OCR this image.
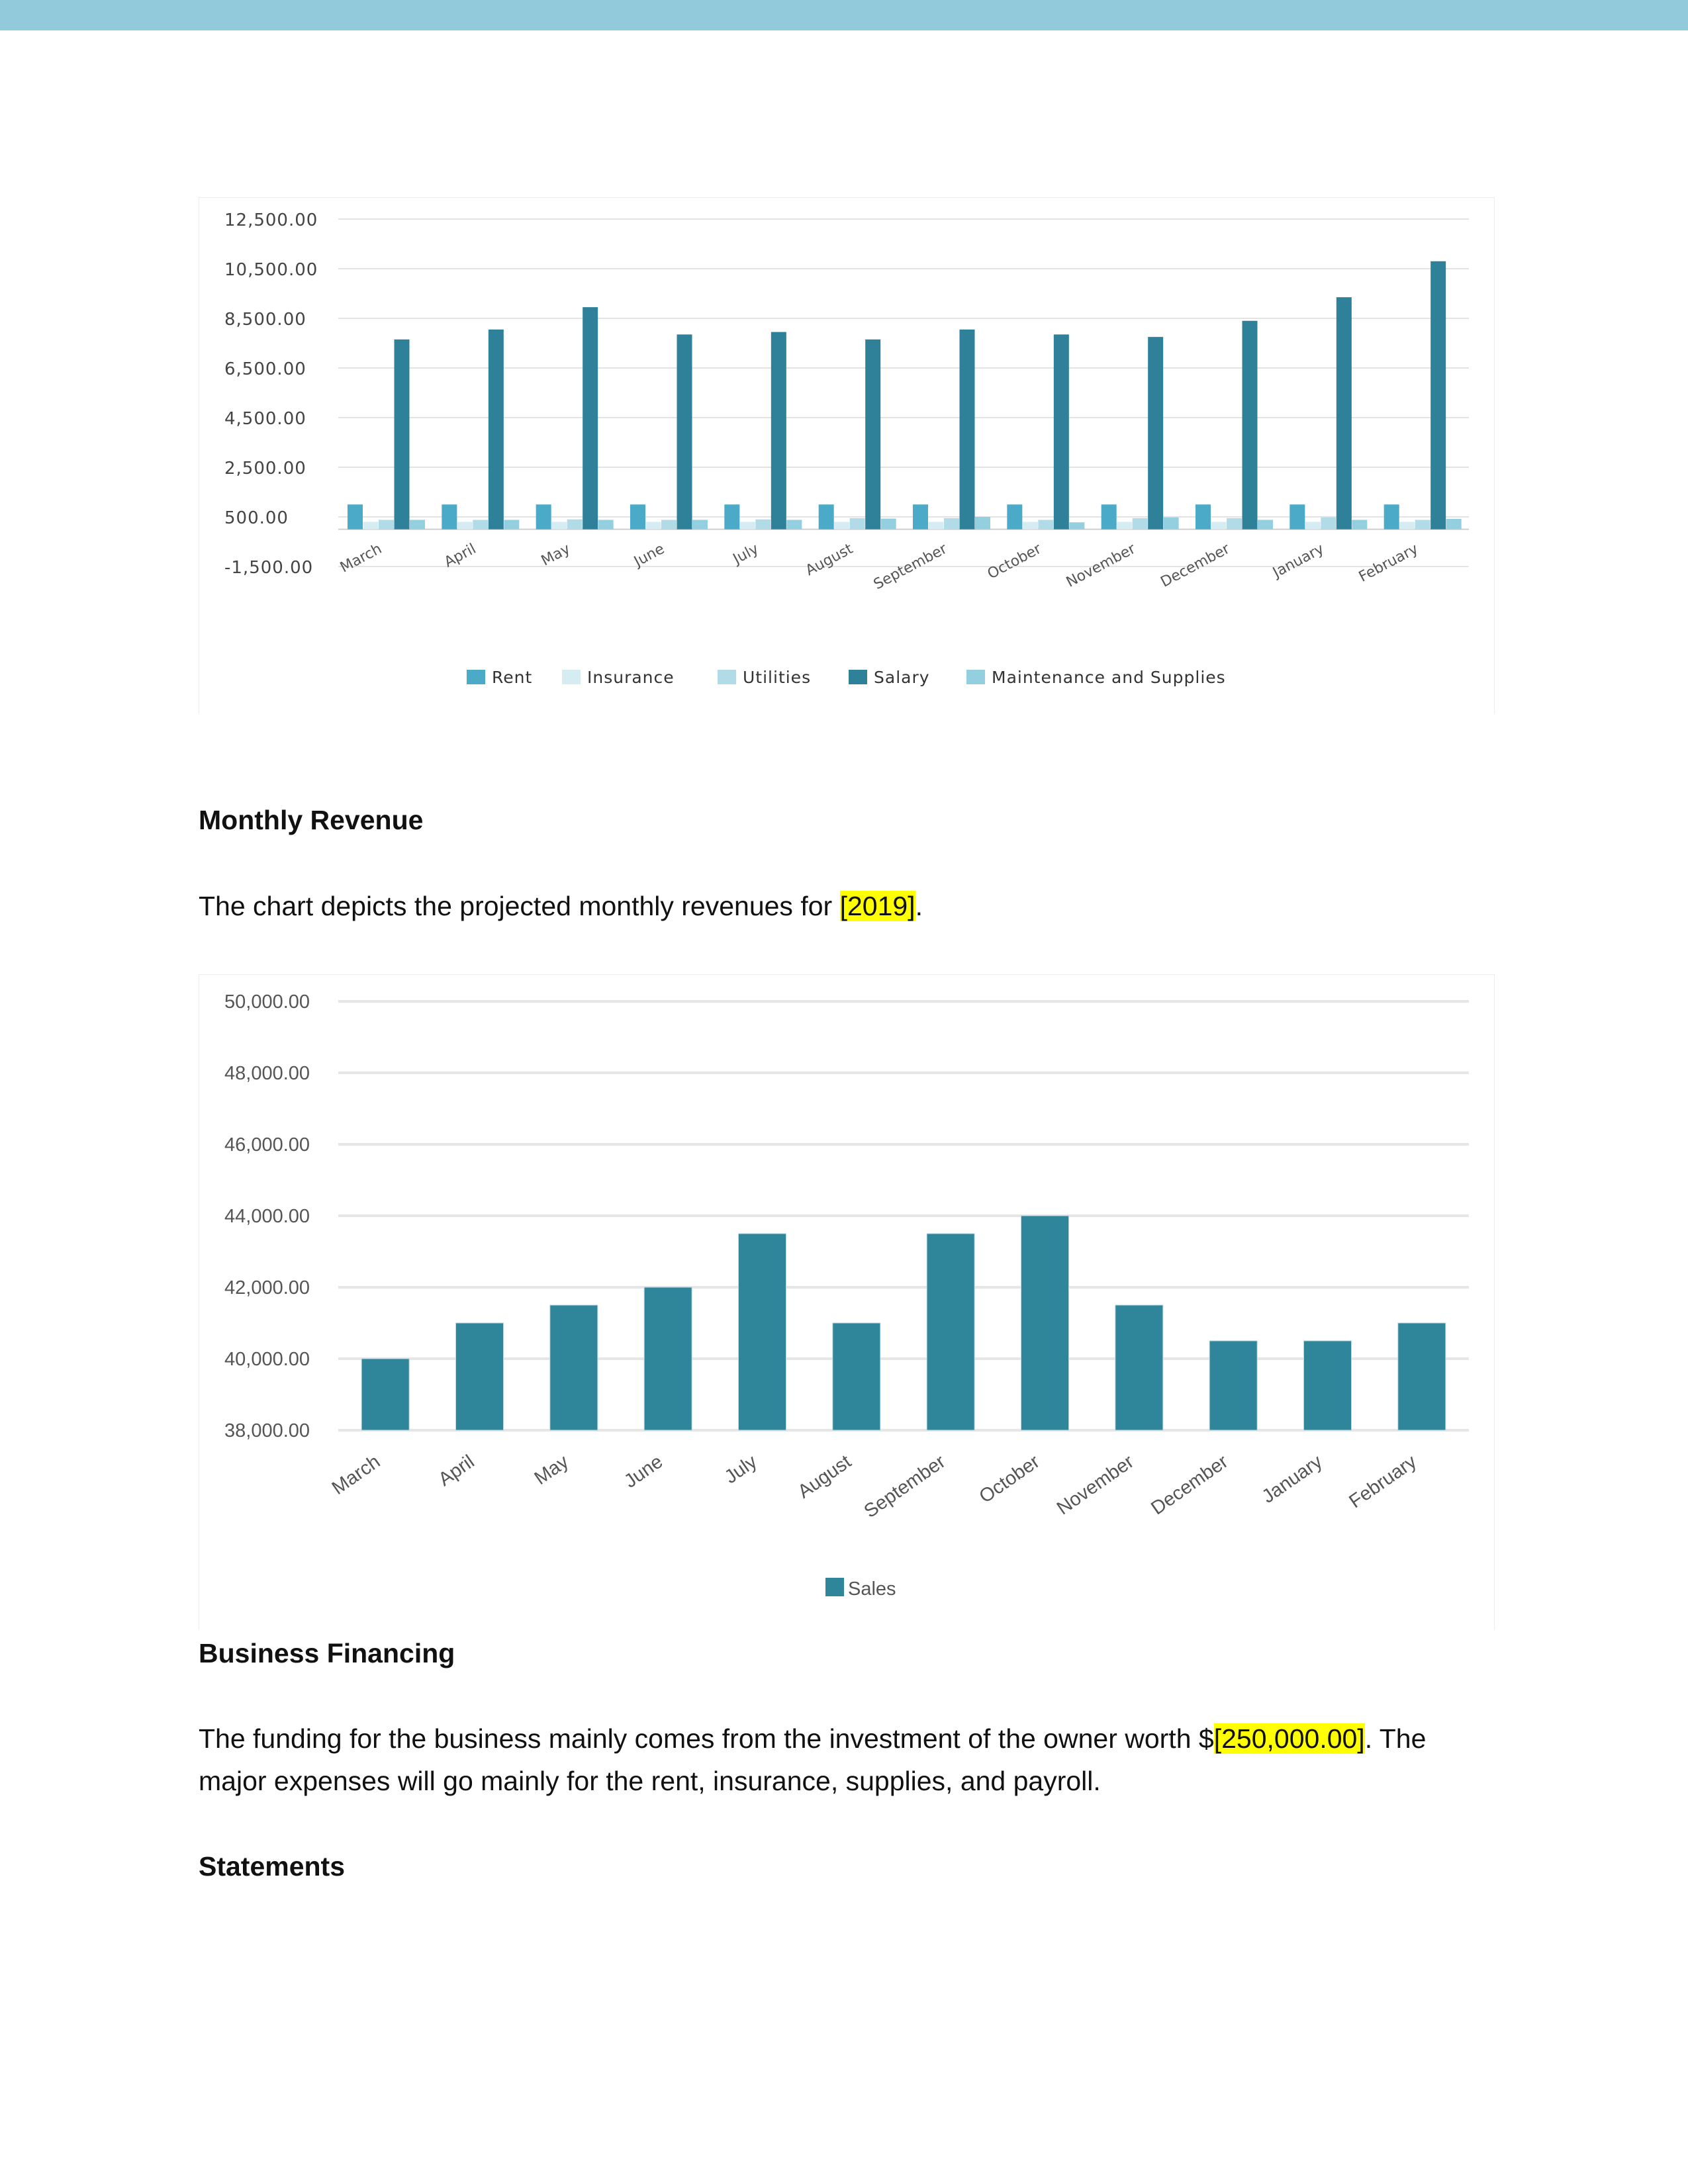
12,500.00
10,500.00
8,500.00
6,500.00
4,500.00
2,500.00
500.00
-1,500.00 March	April	May	June	July	August September October November December	January February
Rent	Insurance	Utilities	Salary	Maintenance and Supplies
Monthly Revenue

The chart depicts the projected monthly revenues for [2019].

50,000.00
48,000.00
46,000.00
44,000.00
42,000.00
40,000.00
38,000.00
March	April	May June	July August September October November December January February
Sales
Business Financing

The funding for the business mainly comes from the investment of the owner worth $[250,000.00]. The major expenses will go mainly for the rent, insurance, supplies, and payroll.

Statements
